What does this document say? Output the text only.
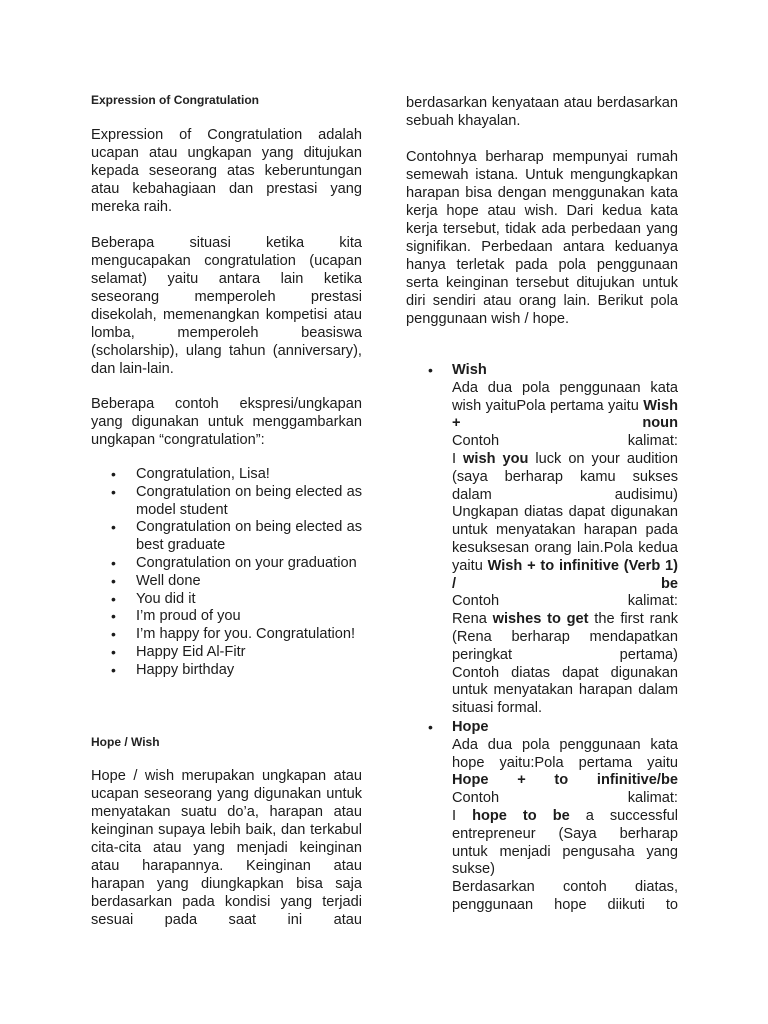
Expression of Congratulation
Expression of Congratulation adalah ucapan atau ungkapan yang ditujukan kepada seseorang atas keberuntungan atau kebahagiaan dan prestasi yang mereka raih.
Beberapa situasi ketika kita mengucapakan congratulation (ucapan selamat) yaitu antara lain ketika seseorang memperoleh prestasi disekolah, memenangkan kompetisi atau lomba, memperoleh beasiswa (scholarship), ulang tahun (anniversary), dan lain-lain.
Beberapa contoh ekspresi/ungkapan yang digunakan untuk menggambarkan ungkapan “congratulation”:
• Congratulation, Lisa!
• Congratulation on being elected as model student
• Congratulation on being elected as best graduate
• Congratulation on your graduation
• Well done
• You did it
• I’m proud of you
• I’m happy for you. Congratulation!
• Happy Eid Al-Fitr
• Happy birthday
Hope / Wish
Hope / wish merupakan ungkapan atau ucapan seseorang yang digunakan untuk menyatakan suatu do’a, harapan atau keinginan supaya lebih baik, dan terkabul cita-cita atau yang menjadi keinginan atau harapannya. Keinginan atau harapan yang diungkapkan bisa saja berdasarkan pada kondisi yang terjadi sesuai pada saat ini atau
berdasarkan kenyataan atau berdasarkan sebuah khayalan.
Contohnya berharap mempunyai rumah semewah istana. Untuk mengungkapkan harapan bisa dengan menggunakan kata kerja hope atau wish. Dari kedua kata kerja tersebut, tidak ada perbedaan yang signifikan. Perbedaan antara keduanya hanya terletak pada pola penggunaan serta keinginan tersebut ditujukan untuk diri sendiri atau orang lain. Berikut pola penggunaan wish / hope.
• Wish
Ada dua pola penggunaan kata wish yaituPola pertama yaitu Wish + noun
Contoh kalimat:
I wish you luck on your audition (saya berharap kamu sukses dalam audisimu)
Ungkapan diatas dapat digunakan untuk menyatakan harapan pada kesuksesan orang lain.Pola kedua yaitu Wish + to infinitive (Verb 1) / be
Contoh kalimat:
Rena wishes to get the first rank (Rena berharap mendapatkan peringkat pertama)
Contoh diatas dapat digunakan untuk menyatakan harapan dalam situasi formal.
• Hope
Ada dua pola penggunaan kata hope yaitu:Pola pertama yaitu Hope + to infinitive/be
Contoh kalimat:
I hope to be a successful entrepreneur (Saya berharap untuk menjadi pengusaha yang sukse)
Berdasarkan contoh diatas, penggunaan hope diikuti to
